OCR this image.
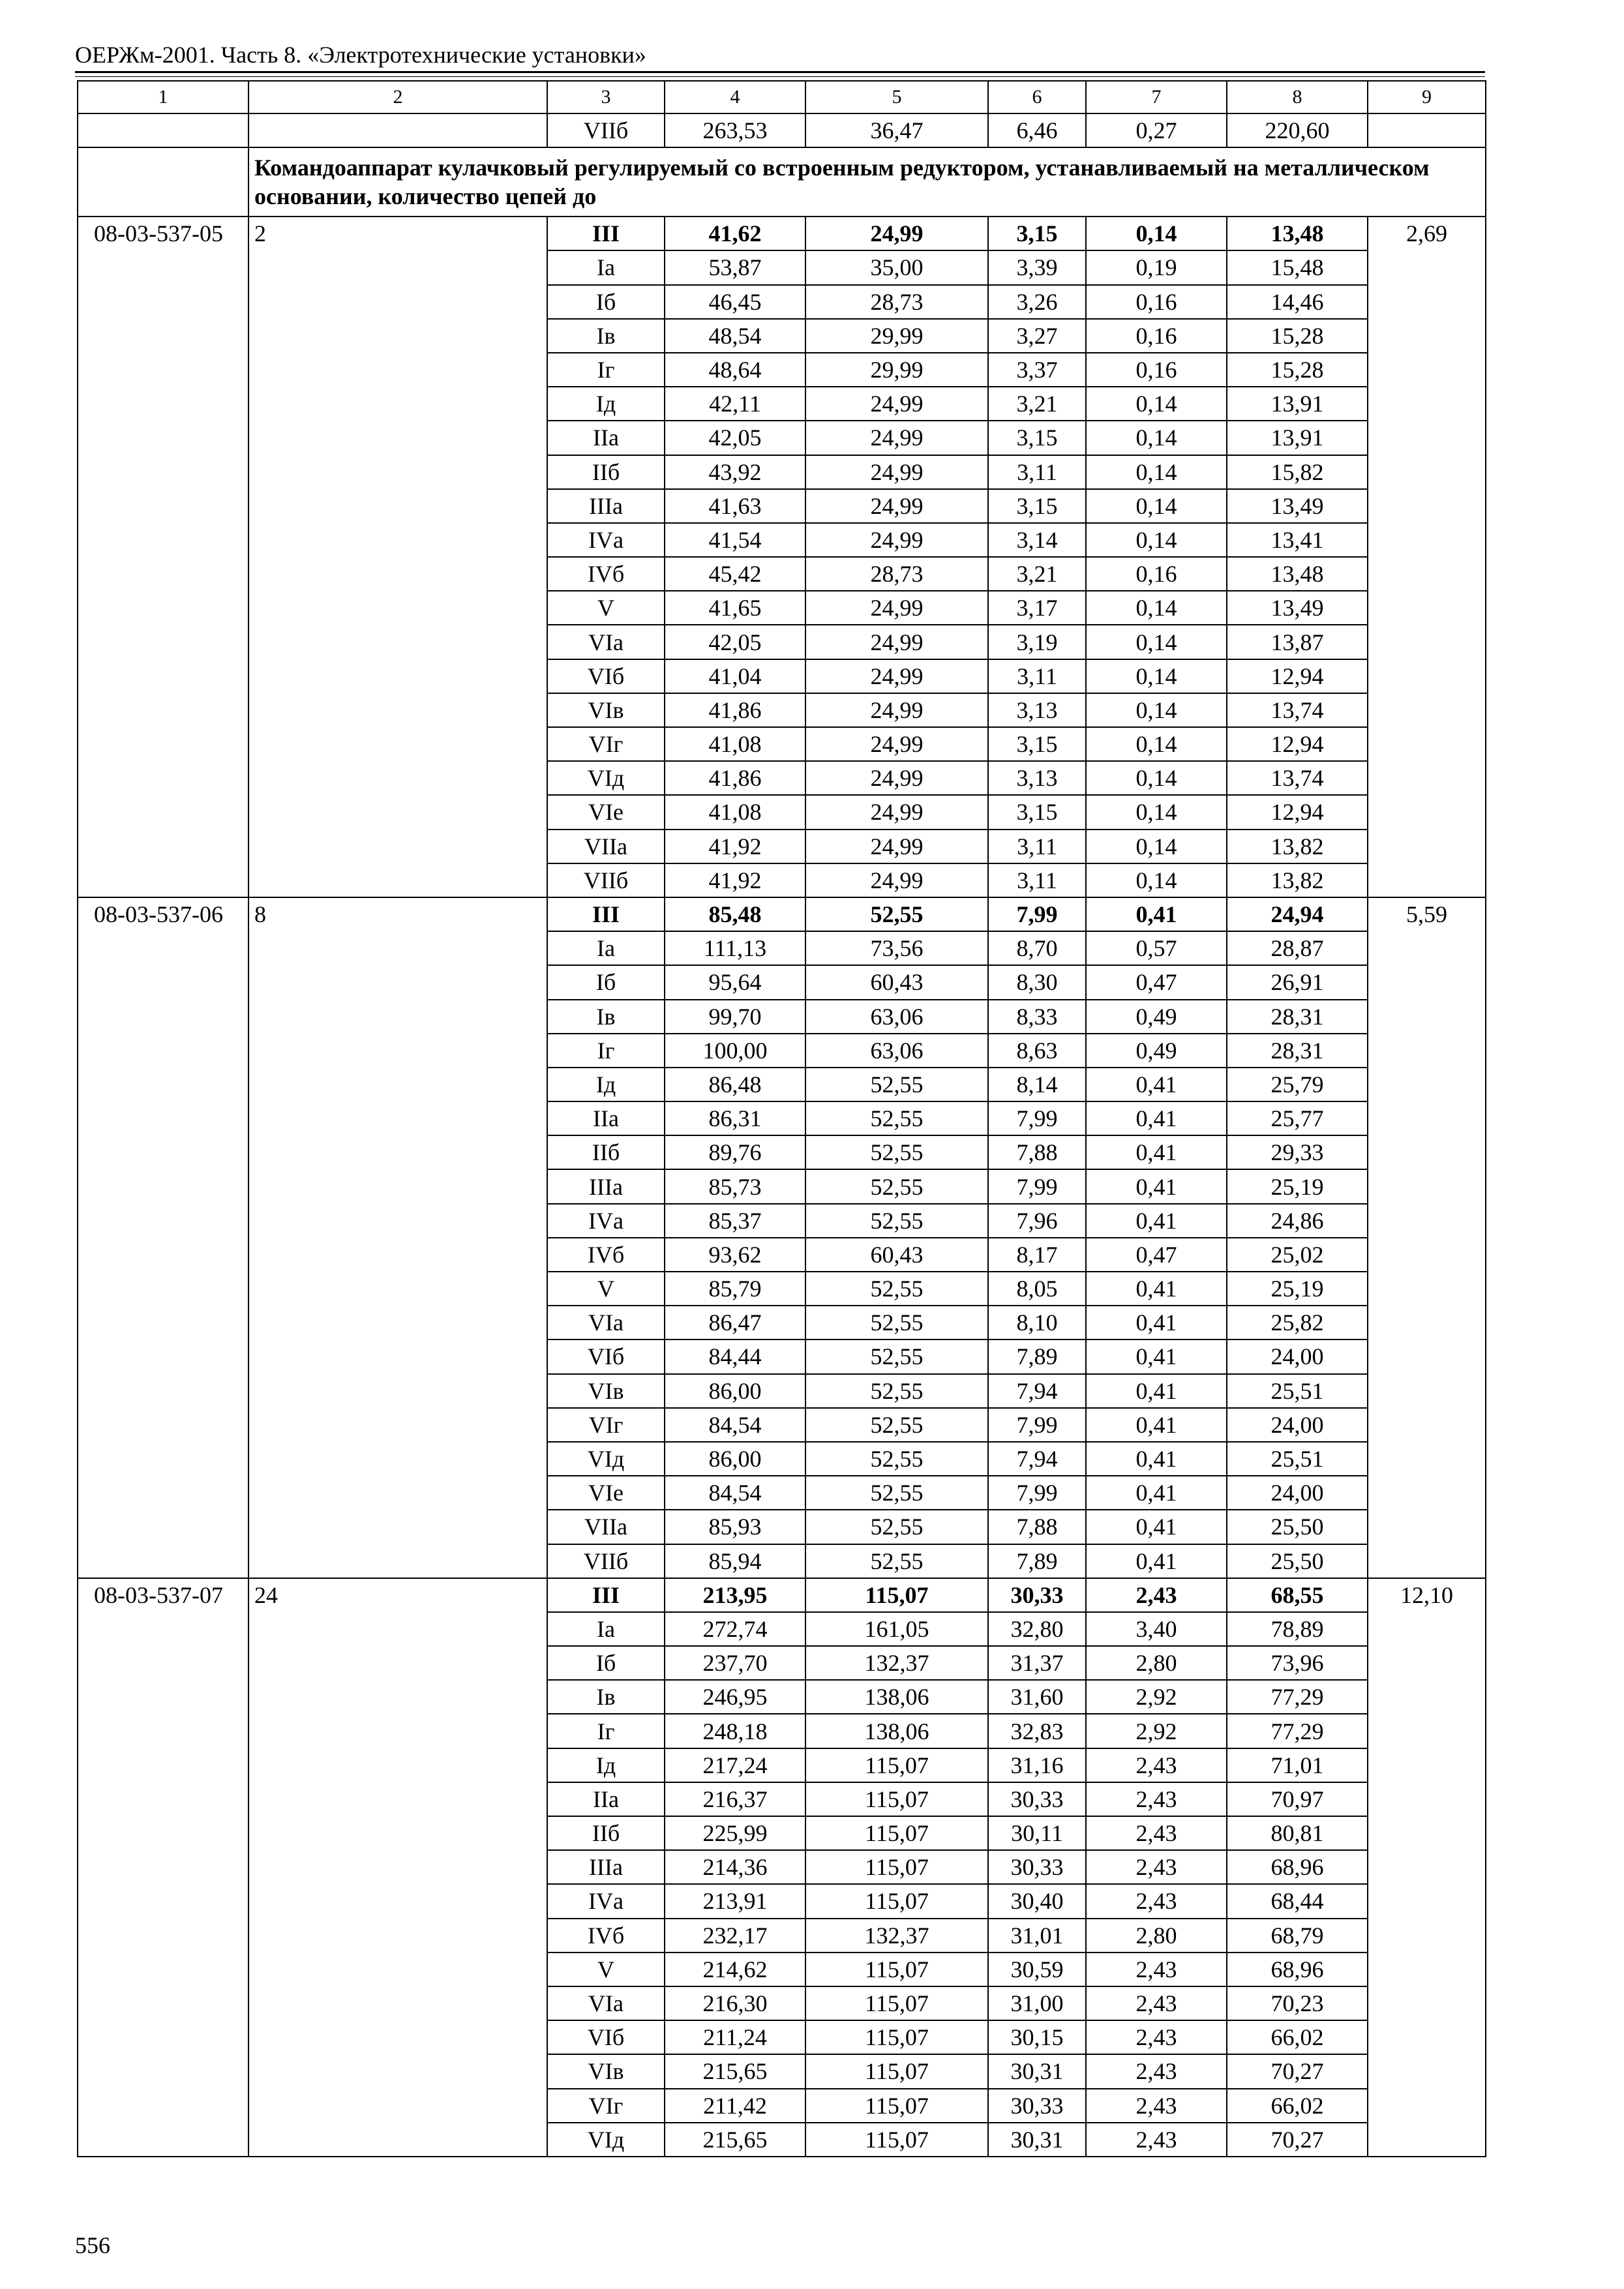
ОЕРЖм-2001. Часть 8. «Электротехнические установки»
1	2	3	4	5	6	7	8	9
		VIIб	263,53	36,47	6,46	0,27	220,60	
	Командоаппарат кулачковый регулируемый со встроенным редуктором, устанавливаемый на металлическом основании, количество цепей до							
08-03-537-05	2	III	41,62	24,99	3,15	0,14	13,48	2,69
		Iа	53,87	35,00	3,39	0,19	15,48	
		Iб	46,45	28,73	3,26	0,16	14,46	
		Iв	48,54	29,99	3,27	0,16	15,28	
		Iг	48,64	29,99	3,37	0,16	15,28	
		Iд	42,11	24,99	3,21	0,14	13,91	
		IIа	42,05	24,99	3,15	0,14	13,91	
		IIб	43,92	24,99	3,11	0,14	15,82	
		IIIа	41,63	24,99	3,15	0,14	13,49	
		IVа	41,54	24,99	3,14	0,14	13,41	
		IVб	45,42	28,73	3,21	0,16	13,48	
		V	41,65	24,99	3,17	0,14	13,49	
		VIа	42,05	24,99	3,19	0,14	13,87	
		VIб	41,04	24,99	3,11	0,14	12,94	
		VIв	41,86	24,99	3,13	0,14	13,74	
		VIг	41,08	24,99	3,15	0,14	12,94	
		VIд	41,86	24,99	3,13	0,14	13,74	
		VIе	41,08	24,99	3,15	0,14	12,94	
		VIIа	41,92	24,99	3,11	0,14	13,82	
		VIIб	41,92	24,99	3,11	0,14	13,82	
08-03-537-06	8	III	85,48	52,55	7,99	0,41	24,94	5,59
		Iа	111,13	73,56	8,70	0,57	28,87	
		Iб	95,64	60,43	8,30	0,47	26,91	
		Iв	99,70	63,06	8,33	0,49	28,31	
		Iг	100,00	63,06	8,63	0,49	28,31	
		Iд	86,48	52,55	8,14	0,41	25,79	
		IIа	86,31	52,55	7,99	0,41	25,77	
		IIб	89,76	52,55	7,88	0,41	29,33	
		IIIа	85,73	52,55	7,99	0,41	25,19	
		IVа	85,37	52,55	7,96	0,41	24,86	
		IVб	93,62	60,43	8,17	0,47	25,02	
		V	85,79	52,55	8,05	0,41	25,19	
		VIа	86,47	52,55	8,10	0,41	25,82	
		VIб	84,44	52,55	7,89	0,41	24,00	
		VIв	86,00	52,55	7,94	0,41	25,51	
		VIг	84,54	52,55	7,99	0,41	24,00	
		VIд	86,00	52,55	7,94	0,41	25,51	
		VIе	84,54	52,55	7,99	0,41	24,00	
		VIIа	85,93	52,55	7,88	0,41	25,50	
		VIIб	85,94	52,55	7,89	0,41	25,50	
08-03-537-07	24	III	213,95	115,07	30,33	2,43	68,55	12,10
		Iа	272,74	161,05	32,80	3,40	78,89	
		Iб	237,70	132,37	31,37	2,80	73,96	
		Iв	246,95	138,06	31,60	2,92	77,29	
		Iг	248,18	138,06	32,83	2,92	77,29	
		Iд	217,24	115,07	31,16	2,43	71,01	
		IIа	216,37	115,07	30,33	2,43	70,97	
		IIб	225,99	115,07	30,11	2,43	80,81	
		IIIа	214,36	115,07	30,33	2,43	68,96	
		IVа	213,91	115,07	30,40	2,43	68,44	
		IVб	232,17	132,37	31,01	2,80	68,79	
		V	214,62	115,07	30,59	2,43	68,96	
		VIа	216,30	115,07	31,00	2,43	70,23	
		VIб	211,24	115,07	30,15	2,43	66,02	
		VIв	215,65	115,07	30,31	2,43	70,27	
		VIг	211,42	115,07	30,33	2,43	66,02	
		VIд	215,65	115,07	30,31	2,43	70,27	
556
